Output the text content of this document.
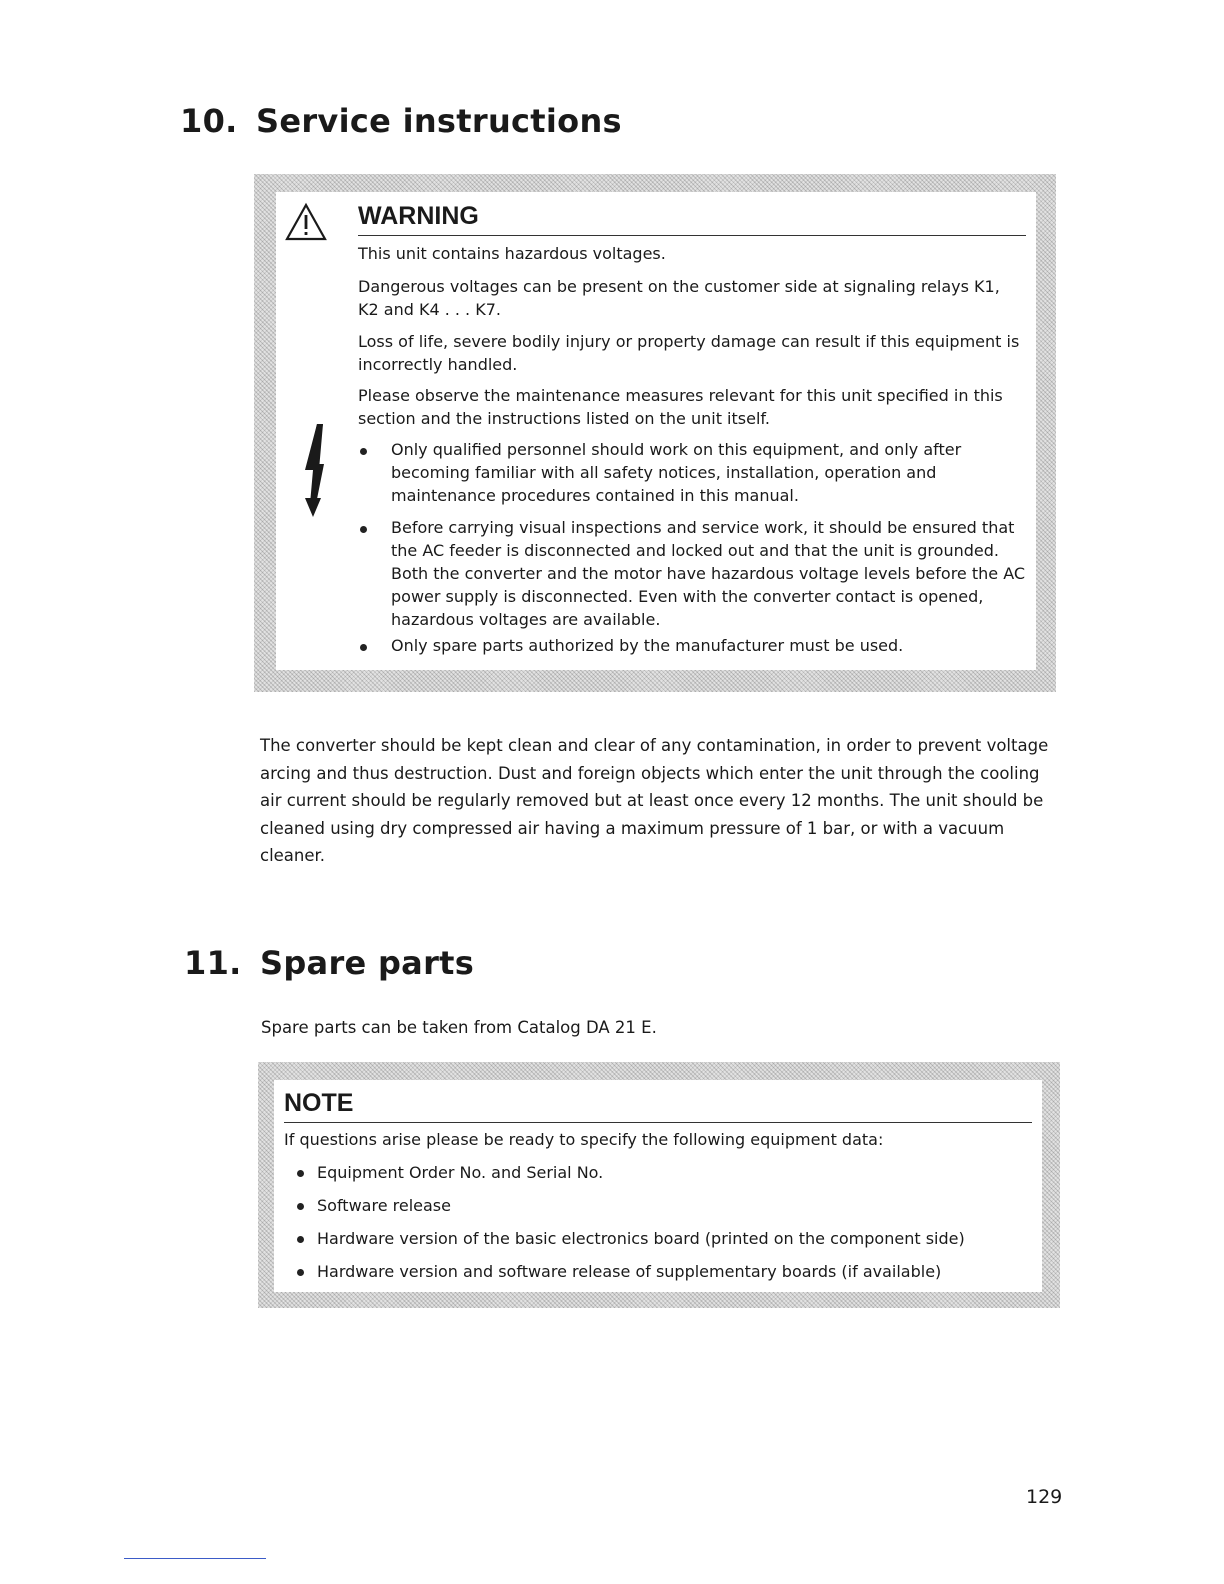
10. Service instructions
WARNING
This unit contains hazardous voltages.
Dangerous voltages can be present on the customer side at signaling relays K1, K2 and K4 . . . K7.
Loss of life, severe bodily injury or property damage can result if this equipment is incorrectly handled.
Please observe the maintenance measures relevant for this unit specified in this section and the instructions listed on the unit itself.
Only qualified personnel should work on this equipment, and only after becoming familiar with all safety notices, installation, operation and maintenance procedures contained in this manual.
Before carrying visual inspections and service work, it should be ensured that the AC feeder is disconnected and locked out and that the unit is grounded. Both the converter and the motor have hazardous voltage levels before the AC power supply is disconnected. Even with the converter contact is opened, hazardous voltages are available.
Only spare parts authorized by the manufacturer must be used.
The converter should be kept clean and clear of any contamination, in order to prevent voltage arcing and thus destruction. Dust and foreign objects which enter the unit through the cooling air current should be regularly removed but at least once every 12 months. The unit should be cleaned using dry compressed air having a maximum pressure of 1 bar, or with a vacuum cleaner.
11. Spare parts
Spare parts can be taken from Catalog DA 21 E.
NOTE
If questions arise please be ready to specify the following equipment data:
Equipment Order No. and Serial No.
Software release
Hardware version of the basic electronics board (printed on the component side)
Hardware version and software release of supplementary boards (if available)
129
